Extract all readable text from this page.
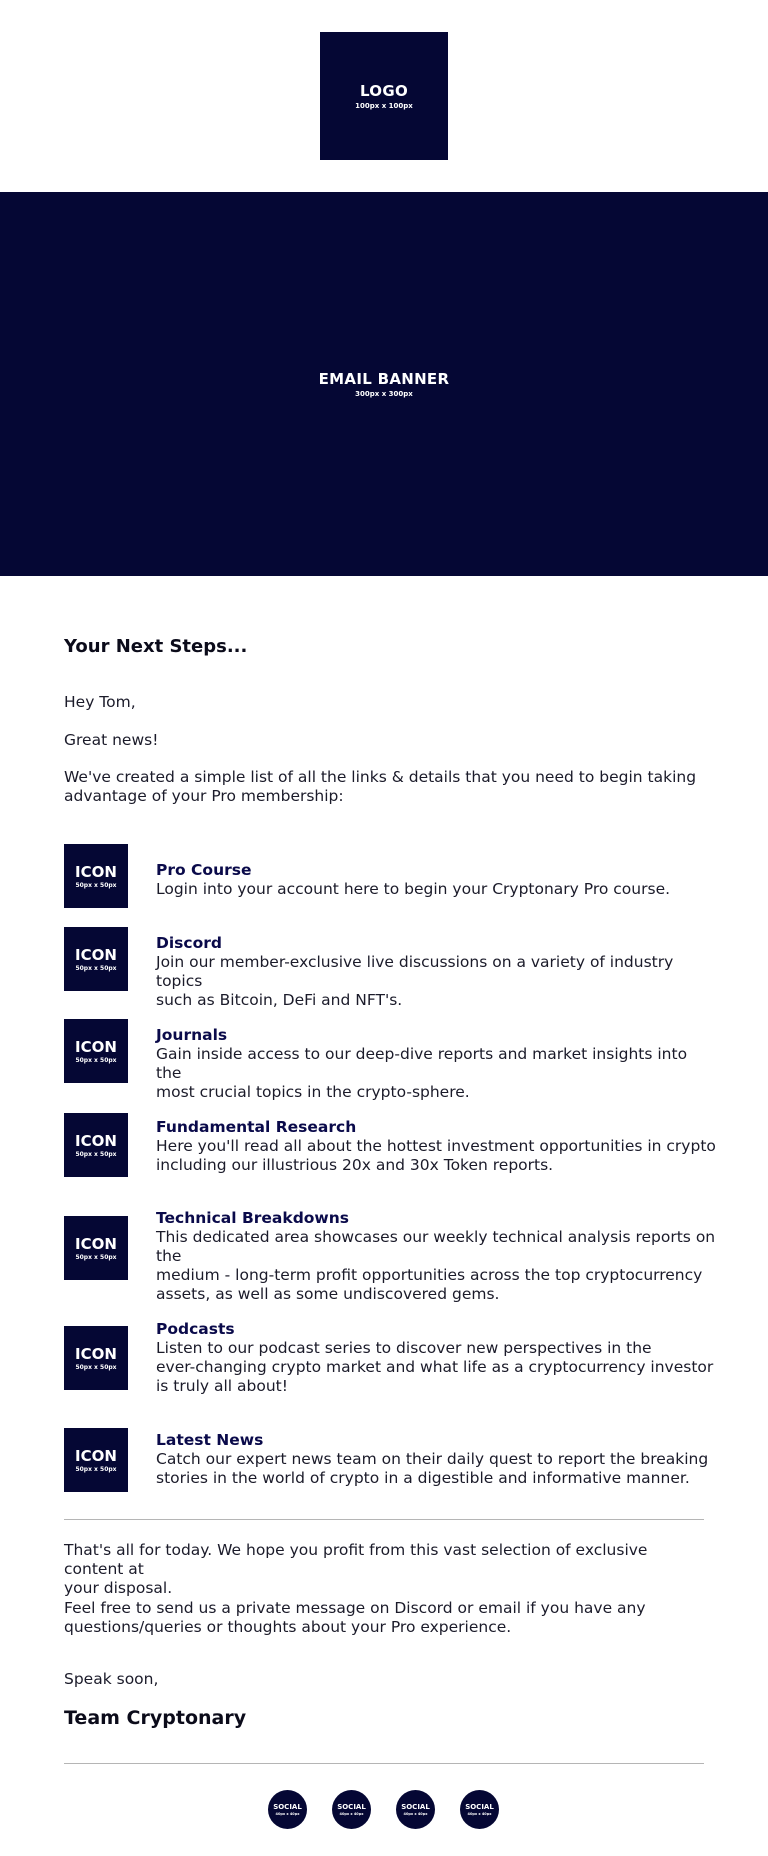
LOGO
100px x 100px
EMAIL BANNER
300px x 300px
Your Next Steps...
Hey Tom,
Great news!
We've created a simple list of all the links & details that you need to begin taking
advantage of your Pro membership:
ICON
50px x 50px
Pro Course
Login into your account here to begin your Cryptonary Pro course.
ICON
50px x 50px
Discord
Join our member-exclusive live discussions on a variety of industry topics
such as Bitcoin, DeFi and NFT's.
ICON
50px x 50px
Journals
Gain inside access to our deep-dive reports and market insights into the
most crucial topics in the crypto-sphere.
ICON
50px x 50px
Fundamental Research
Here you'll read all about the hottest investment opportunities in crypto
including our illustrious 20x and 30x Token reports.
ICON
50px x 50px
Technical Breakdowns
This dedicated area showcases our weekly technical analysis reports on the
medium - long-term profit opportunities across the top cryptocurrency
assets, as well as some undiscovered gems.
ICON
50px x 50px
Podcasts
Listen to our podcast series to discover new perspectives in the
ever-changing crypto market and what life as a cryptocurrency investor
is truly all about!
ICON
50px x 50px
Latest News
Catch our expert news team on their daily quest to report the breaking
stories in the world of crypto in a digestible and informative manner.
That's all for today. We hope you profit from this vast selection of exclusive content at
your disposal.
Feel free to send us a private message on Discord or email if you have any
questions/queries or thoughts about your Pro experience.
Speak soon,
Team Cryptonary
SOCIAL
40px x 40px
SOCIAL
40px x 40px
SOCIAL
40px x 40px
SOCIAL
40px x 40px
